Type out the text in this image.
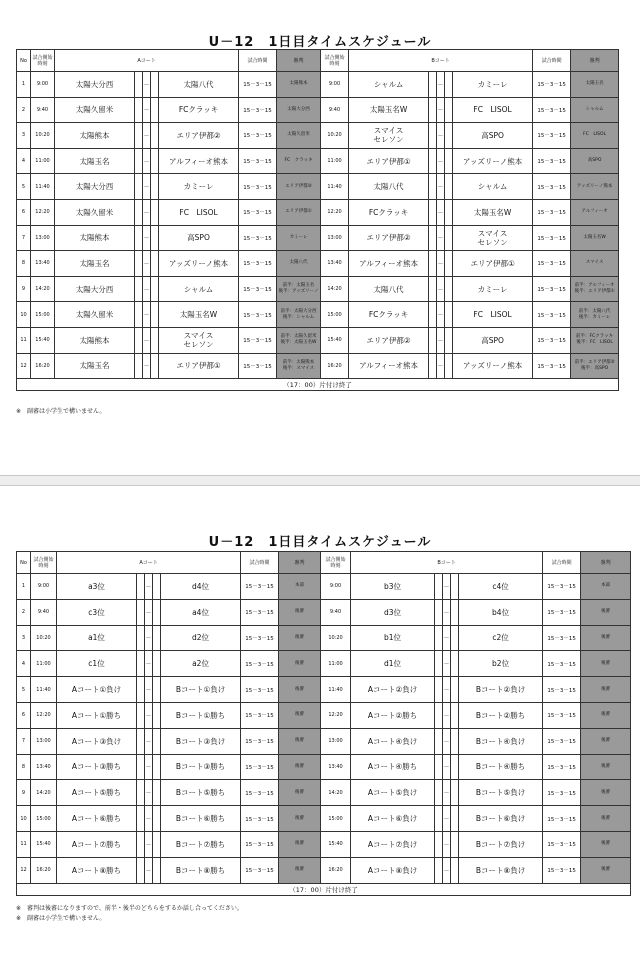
U－12　1日目タイムスケジュール
No	試合開始
時刻	Aコート					試合時間	審判	試合開始
時刻	Bコート					試合時間	審判
1	9:00	太陽大分西		－		太陽八代	15－3－15	太陽熊本	9:00	シャルム		－		カミーレ	15－3－15	太陽玉名

2	9:40	太陽久留米		－		FCクラッキ	15－3－15	太陽大分西	9:40	太陽玉名W		－		FC　LISOL	15－3－15	シャルム

3	10:20	太陽熊本		－		エリア伊都②	15－3－15	太陽久留米	10:20	スマイス
セレソン		－		高SPO	15－3－15	FC　LISOL

4	11:00	太陽玉名		－		アルフィーオ熊本	15－3－15	FC　クラッキ	11:00	エリア伊都①		－		アッズリーノ熊本	15－3－15	高SPO

5	11:40	太陽大分西		－		カミーレ	15－3－15	エリア伊都②	11:40	太陽八代		－		シャルム	15－3－15	アッズリーノ熊本

6	12:20	太陽久留米		－		FC　LISOL	15－3－15	エリア伊都①	12:20	FCクラッキ		－		太陽玉名W	15－3－15	アルフィーオ

7	13:00	太陽熊本		－		高SPO	15－3－15	カミーレ	13:00	エリア伊都②		－		スマイス
セレソン	15－3－15	太陽玉名W

8	13:40	太陽玉名		－		アッズリーノ熊本	15－3－15	太陽八代	13:40	アルフィーオ熊本		－		エリア伊都①	15－3－15	スマイス

9	14:20	太陽大分西		－		シャルム	15－3－15	前半：太陽玉名
後半：アッズリーノ	14:20	太陽八代		－		カミーレ	15－3－15	前半：アルフィーオ
後半：エリア伊都①

10	15:00	太陽久留米		－		太陽玉名W	15－3－15	前半：太陽大分西
後半：シャルム	15:00	FCクラッキ		－		FC　LISOL	15－3－15	前半：太陽八代
後半：カミーレ

11	15:40	太陽熊本		－		スマイス
セレソン	15－3－15	前半：太陽久留米
後半：太陽玉名W	15:40	エリア伊都②		－		高SPO	15－3－15	前半：FCクラッキ
後半：FC　LISOL

12	16:20	太陽玉名		－		エリア伊都①	15－3－15	前半：太陽熊本
後半：スマイス	16:20	アルフィーオ熊本		－		アッズリーノ熊本	15－3－15	前半：エリア伊都②
後半：高SPO

（17：00）片付け終了																
※　副審は小学生で構いません。
U－12　1日目タイムスケジュール
No	試合開始
時刻	Aコート					試合時間	審判	試合開始
時刻	Bコート					試合時間	審判
1	9:00	a3位		－		d4位	15－3－15	本部	9:00	b3位		－		c4位	15－3－15	本部

2	9:40	c3位		－		a4位	15－3－15	後審	9:40	d3位		－		b4位	15－3－15	後審

3	10:20	a1位		－		d2位	15－3－15	後審	10:20	b1位		－		c2位	15－3－15	後審

4	11:00	c1位		－		a2位	15－3－15	後審	11:00	d1位		－		b2位	15－3－15	後審

5	11:40	Aコート①負け		－		Bコート①負け	15－3－15	後審	11:40	Aコート②負け		－		Bコート②負け	15－3－15	後審

6	12:20	Aコート①勝ち		－		Bコート①勝ち	15－3－15	後審	12:20	Aコート②勝ち		－		Bコート②勝ち	15－3－15	後審

7	13:00	Aコート③負け		－		Bコート③負け	15－3－15	後審	13:00	Aコート④負け		－		Bコート④負け	15－3－15	後審

8	13:40	Aコート③勝ち		－		Bコート③勝ち	15－3－15	後審	13:40	Aコート④勝ち		－		Bコート④勝ち	15－3－15	後審

9	14:20	Aコート⑤勝ち		－		Bコート⑤勝ち	15－3－15	後審	14:20	Aコート⑤負け		－		Bコート⑤負け	15－3－15	後審

10	15:00	Aコート⑥勝ち		－		Bコート⑥勝ち	15－3－15	後審	15:00	Aコート⑥負け		－		Bコート⑥負け	15－3－15	後審

11	15:40	Aコート⑦勝ち		－		Bコート⑦勝ち	15－3－15	後審	15:40	Aコート⑦負け		－		Bコート⑦負け	15－3－15	後審

12	16:20	Aコート⑧勝ち		－		Bコート⑧勝ち	15－3－15	後審	16:20	Aコート⑧負け		－		Bコート⑧負け	15－3－15	後審

（17：00）片付け終了																
※　審判は後審になりますので、前半・後半のどちらをするか話し合ってください。
※　副審は小学生で構いません。
